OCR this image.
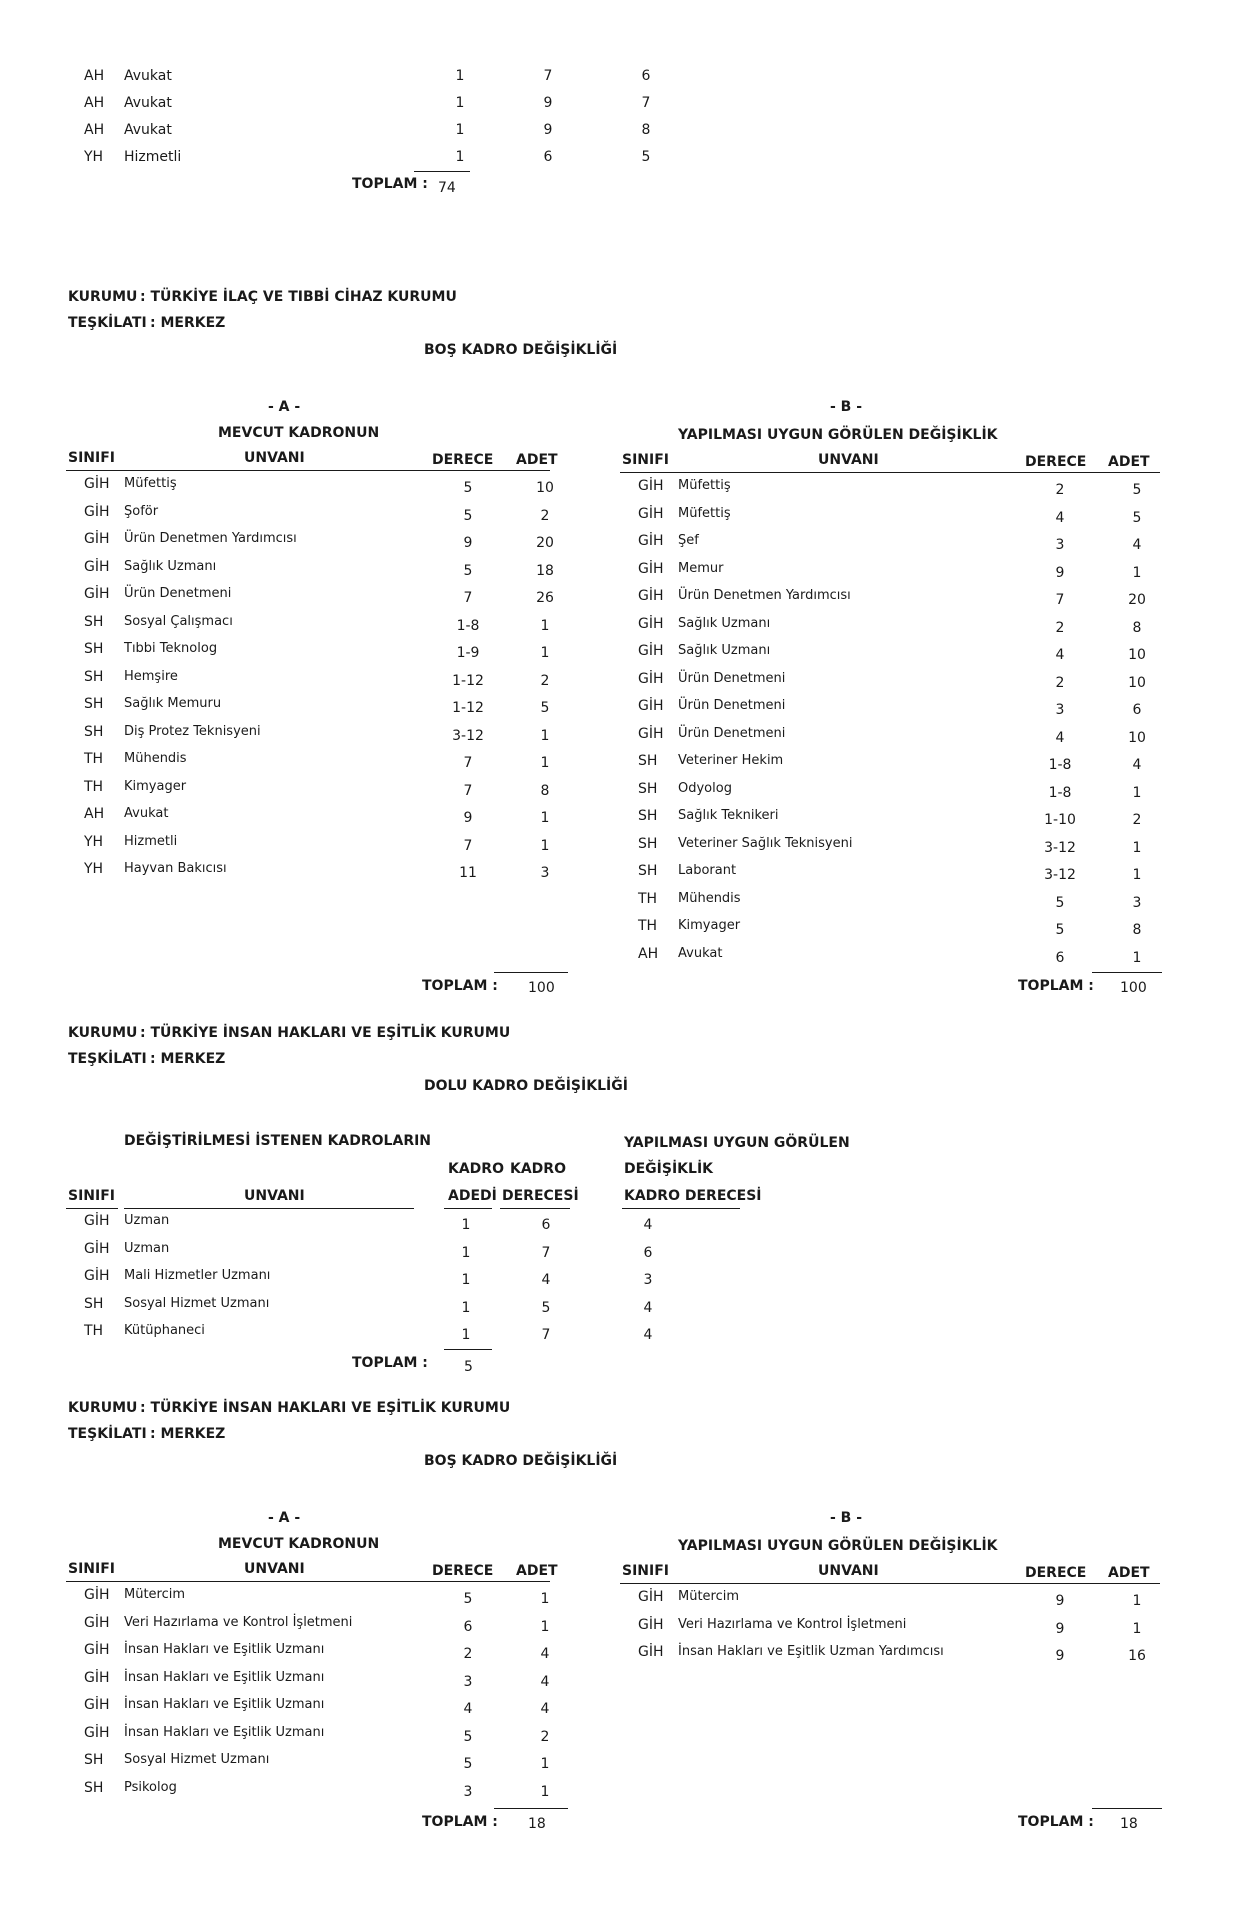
AH Avukat	1	7	6
AH Avukat	1	9	7
AH Avukat	1	9	8
YH Hizmetli	1	6	5
TOPLAM : 74
KURUMU : TÜRKİYE İLAÇ VE TIBBİ CİHAZ KURUMU
TEŞKİLATI : MERKEZ
BOŞ KADRO DEĞİŞİKLİĞİ
- A -
MEVCUT KADRONUN
- B -
YAPILMASI UYGUN GÖRÜLEN DEĞİŞİKLİK
SINIFI	UNVANI	DERECE ADET
GİH Müfettiş	5	10
GİH Şoför	5	2
GİH Ürün Denetmen Yardımcısı	9	20
GİH Sağlık Uzmanı	5	18
GİH Ürün Denetmeni	7	26
SH Sosyal Çalışmacı	1-8	1
SH Tıbbi Teknolog	1-9	1
SH Hemşire	1-12	2
SH Sağlık Memuru	1-12	5
SH Diş Protez Teknisyeni	3-12	1
TH Mühendis	7	1
TH Kimyager	7	8
AH Avukat	9	1
YH Hizmetli	7	1
YH Hayvan Bakıcısı	11	3
TOPLAM : 100
SINIFI	UNVANI	DERECE ADET
GİH Müfettiş	2	5
GİH Müfettiş	4	5
GİH Şef	3	4
GİH Memur	9	1
GİH Ürün Denetmen Yardımcısı	7	20
GİH Sağlık Uzmanı	2	8
GİH Sağlık Uzmanı	4	10
GİH Ürün Denetmeni	2	10
GİH Ürün Denetmeni	3	6
GİH Ürün Denetmeni	4	10
SH Veteriner Hekim	1-8	4
SH Odyolog	1-8	1
SH Sağlık Teknikeri	1-10	2
SH Veteriner Sağlık Teknisyeni	3-12	1
SH Laborant	3-12	1
TH Mühendis	5	3
TH Kimyager	5	8
AH Avukat	6	1
TOPLAM : 100
KURUMU : TÜRKİYE İNSAN HAKLARI VE EŞİTLİK KURUMU
TEŞKİLATI : MERKEZ
DOLU KADRO DEĞİŞİKLİĞİ
DEĞİŞTİRİLMESİ İSTENEN KADROLARIN	YAPILMASI UYGUN GÖRÜLEN
DEĞİŞİKLİK
KADRO KADRO
SINIFI	UNVANI	ADEDİ DERECESİ	KADRO DERECESİ
GİH Uzman	1	6	4
GİH Uzman	1	7	6
GİH Mali Hizmetler Uzmanı	1	4	3
SH Sosyal Hizmet Uzmanı	1	5	4
TH Kütüphaneci	1	7	4
TOPLAM :	5
KURUMU : TÜRKİYE İNSAN HAKLARI VE EŞİTLİK KURUMU
TEŞKİLATI : MERKEZ
BOŞ KADRO DEĞİŞİKLİĞİ
- A -
MEVCUT KADRONUN
- B -
YAPILMASI UYGUN GÖRÜLEN DEĞİŞİKLİK
SINIFI	UNVANI	DERECE ADET
GİH Mütercim	5	1
GİH Veri Hazırlama ve Kontrol İşletmeni	6	1
GİH İnsan Hakları ve Eşitlik Uzmanı	2	4
GİH İnsan Hakları ve Eşitlik Uzmanı	3	4
GİH İnsan Hakları ve Eşitlik Uzmanı	4	4
GİH İnsan Hakları ve Eşitlik Uzmanı	5	2
SH Sosyal Hizmet Uzmanı	5	1
SH Psikolog	3	1
TOPLAM : 18
SINIFI	UNVANI	DERECE ADET
GİH Mütercim	9	1
GİH Veri Hazırlama ve Kontrol İşletmeni	9	1
GİH İnsan Hakları ve Eşitlik Uzman Yardımcısı	9	16
TOPLAM : 18
